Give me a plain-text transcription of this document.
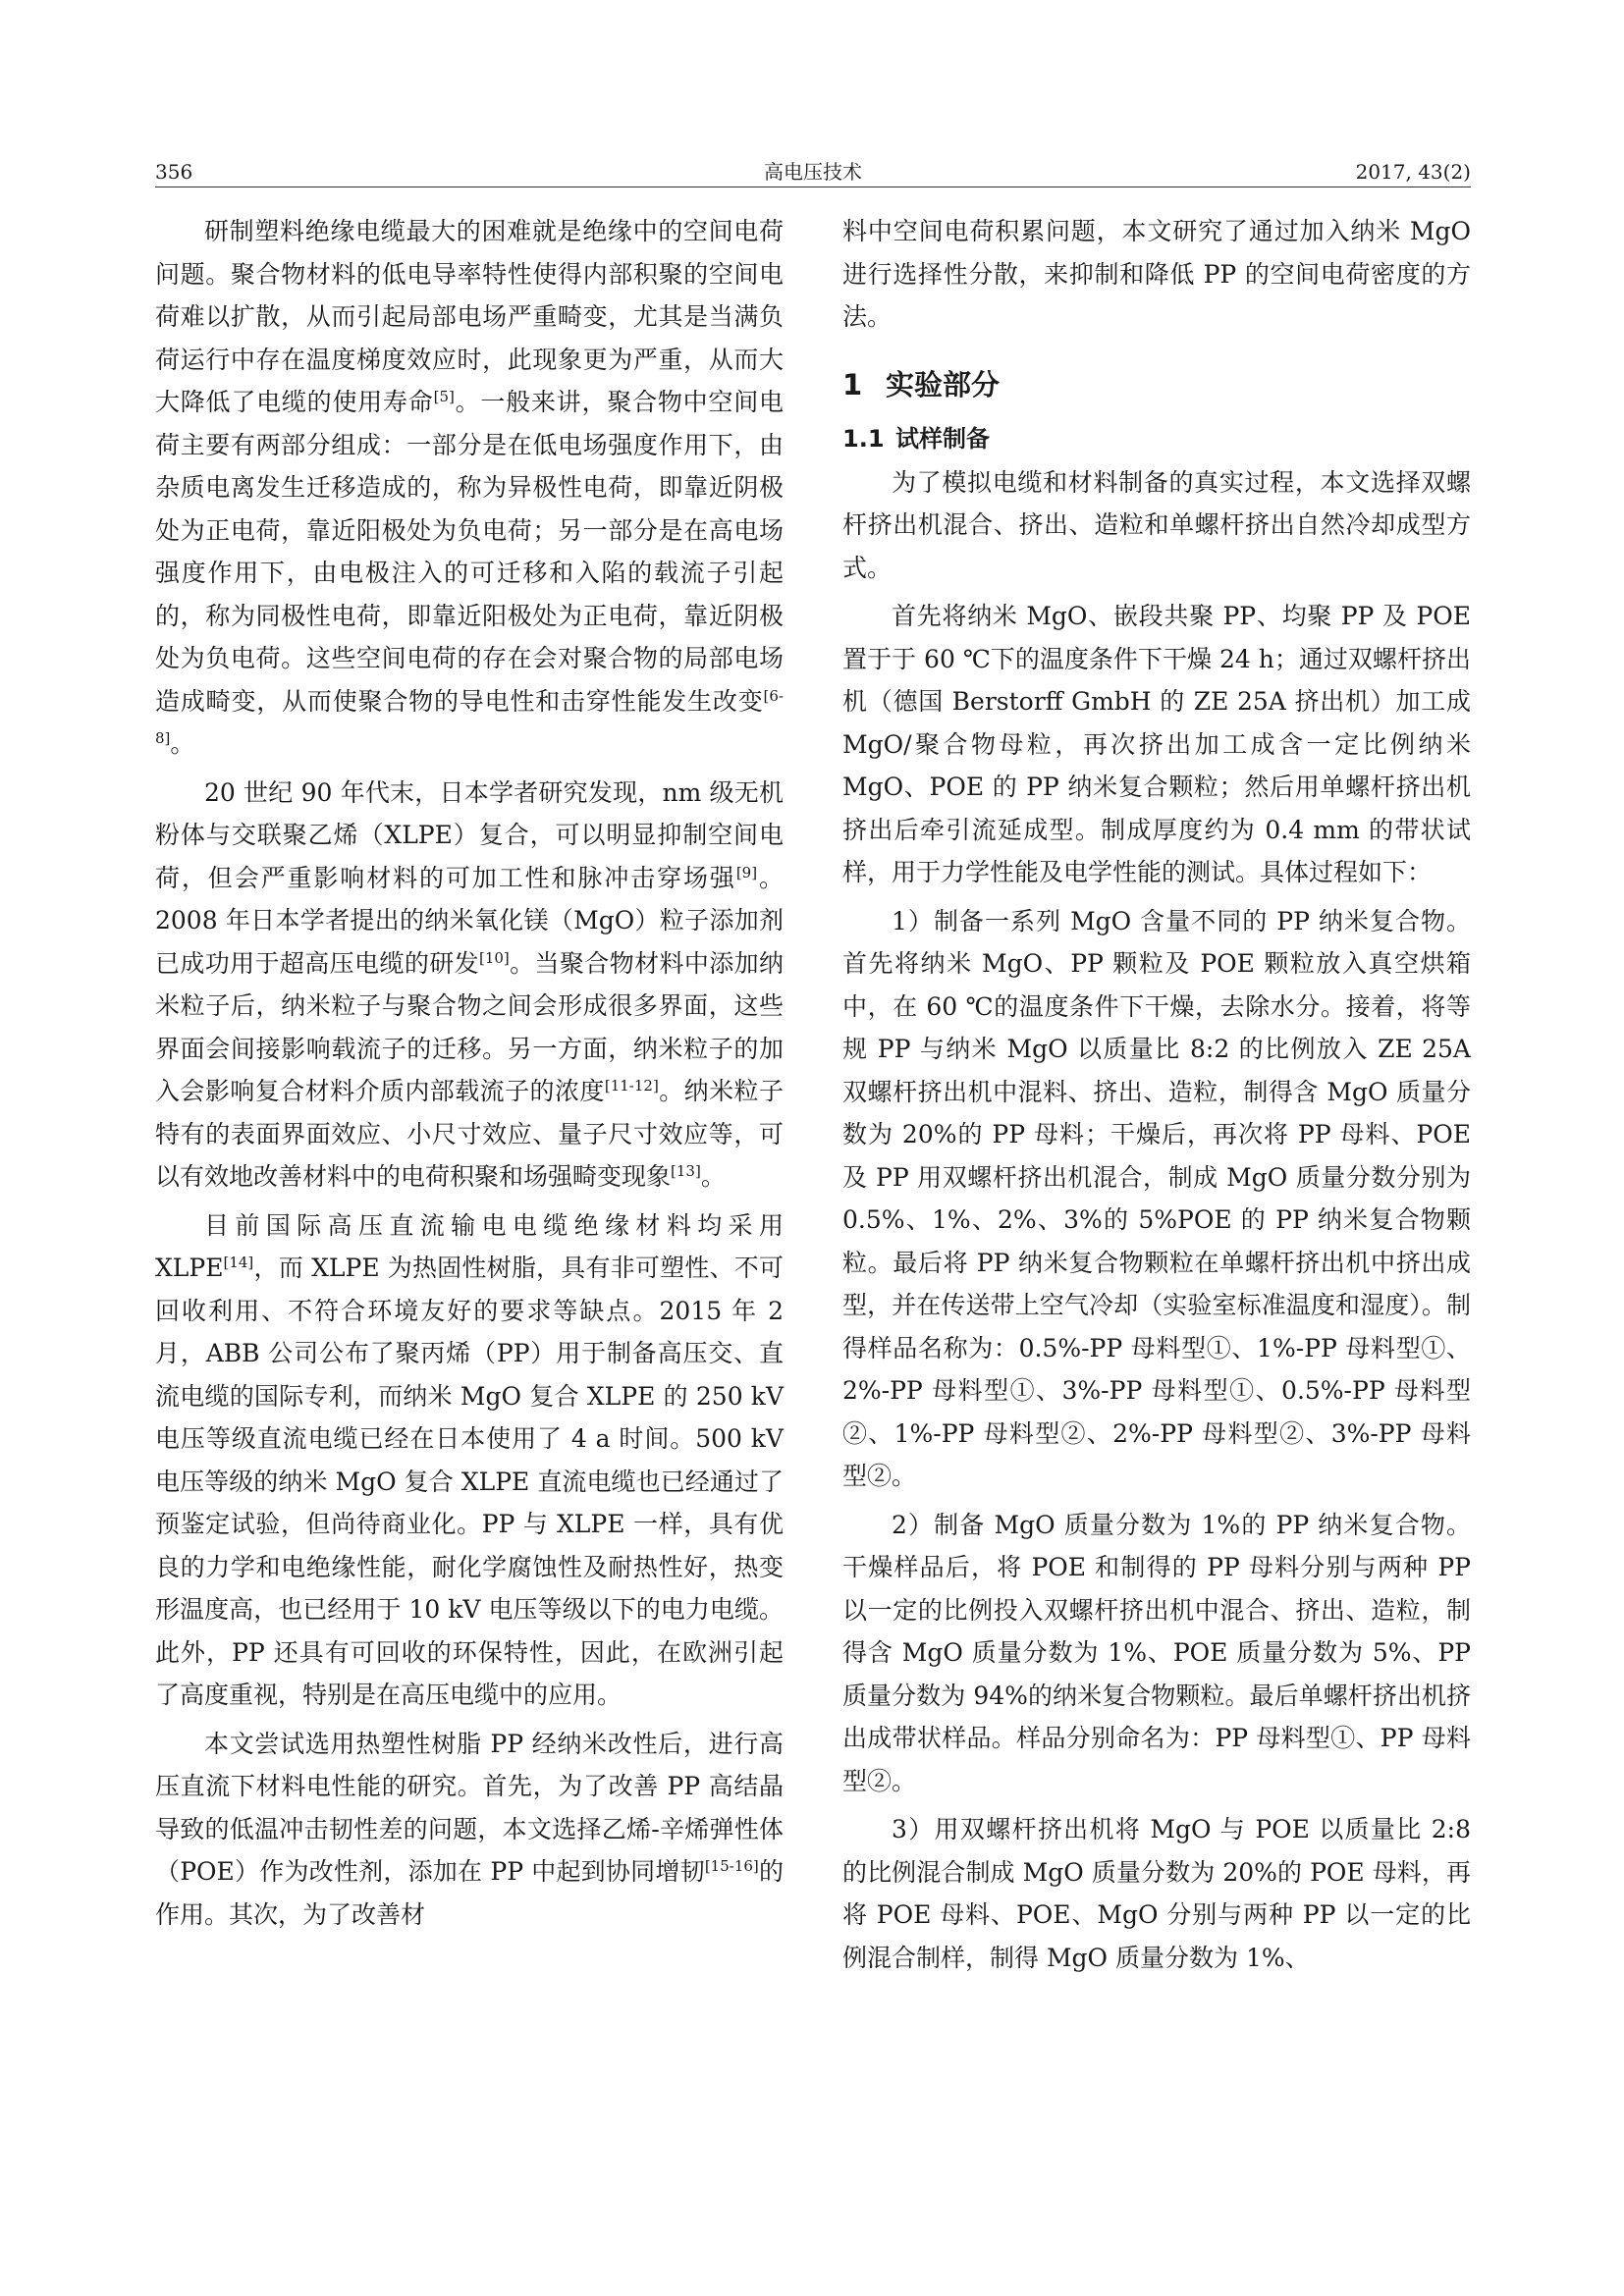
356	高电压技术	2017, 43(2)

研制塑料绝缘电缆最大的困难就是绝缘中的空间电荷问题。聚合物材料的低电导率特性使得内部积聚的空间电荷难以扩散，从而引起局部电场严重畸变，尤其是当满负荷运行中存在温度梯度效应时，此现象更为严重，从而大大降低了电缆的使用寿命[5]。一般来讲，聚合物中空间电荷主要有两部分组成：一部分是在低电场强度作用下，由杂质电离发生迁移造成的，称为异极性电荷，即靠近阴极处为正电荷，靠近阳极处为负电荷；另一部分是在高电场强度作用下，由电极注入的可迁移和入陷的载流子引起的，称为同极性电荷，即靠近阳极处为正电荷，靠近阴极处为负电荷。这些空间电荷的存在会对聚合物的局部电场造成畸变，从而使聚合物的导电性和击穿性能发生改变[6-8]。

20 世纪 90 年代末，日本学者研究发现，nm 级无机粉体与交联聚乙烯（XLPE）复合，可以明显抑制空间电荷，但会严重影响材料的可加工性和脉冲击穿场强[9]。2008 年日本学者提出的纳米氧化镁（MgO）粒子添加剂已成功用于超高压电缆的研发[10]。当聚合物材料中添加纳米粒子后，纳米粒子与聚合物之间会形成很多界面，这些界面会间接影响载流子的迁移。另一方面，纳米粒子的加入会影响复合材料介质内部载流子的浓度[11-12]。纳米粒子特有的表面界面效应、小尺寸效应、量子尺寸效应等，可以有效地改善材料中的电荷积聚和场强畸变现象[13]。

目前国际高压直流输电电缆绝缘材料均采用 XLPE[14]，而 XLPE 为热固性树脂，具有非可塑性、不可回收利用、不符合环境友好的要求等缺点。2015 年 2 月，ABB 公司公布了聚丙烯（PP）用于制备高压交、直流电缆的国际专利，而纳米 MgO 复合 XLPE 的 250 kV 电压等级直流电缆已经在日本使用了 4 a 时间。500 kV 电压等级的纳米 MgO 复合 XLPE 直流电缆也已经通过了预鉴定试验，但尚待商业化。PP 与 XLPE 一样，具有优良的力学和电绝缘性能，耐化学腐蚀性及耐热性好，热变形温度高，也已经用于 10 kV 电压等级以下的电力电缆。此外，PP 还具有可回收的环保特性，因此，在欧洲引起了高度重视，特别是在高压电缆中的应用。

本文尝试选用热塑性树脂 PP 经纳米改性后，进行高压直流下材料电性能的研究。首先，为了改善 PP 高结晶导致的低温冲击韧性差的问题，本文选择乙烯-辛烯弹性体（POE）作为改性剂，添加在 PP 中起到协同增韧[15-16]的作用。其次，为了改善材

料中空间电荷积累问题，本文研究了通过加入纳米 MgO 进行选择性分散，来抑制和降低 PP 的空间电荷密度的方法。

1 实验部分
1.1 试样制备

为了模拟电缆和材料制备的真实过程，本文选择双螺杆挤出机混合、挤出、造粒和单螺杆挤出自然冷却成型方式。

首先将纳米 MgO、嵌段共聚 PP、均聚 PP 及 POE 置于于 60 ℃下的温度条件下干燥 24 h；通过双螺杆挤出机（德国 Berstorff GmbH 的 ZE 25A 挤出机）加工成 MgO/聚合物母粒，再次挤出加工成含一定比例纳米 MgO、POE 的 PP 纳米复合颗粒；然后用单螺杆挤出机挤出后牵引流延成型。制成厚度约为 0.4 mm 的带状试样，用于力学性能及电学性能的测试。具体过程如下：

1）制备一系列 MgO 含量不同的 PP 纳米复合物。首先将纳米 MgO、PP 颗粒及 POE 颗粒放入真空烘箱中，在 60 ℃的温度条件下干燥，去除水分。接着，将等规 PP 与纳米 MgO 以质量比 8:2 的比例放入 ZE 25A 双螺杆挤出机中混料、挤出、造粒，制得含 MgO 质量分数为 20%的 PP 母料；干燥后，再次将 PP 母料、POE 及 PP 用双螺杆挤出机混合，制成 MgO 质量分数分别为 0.5%、1%、2%、3%的 5%POE 的 PP 纳米复合物颗粒。最后将 PP 纳米复合物颗粒在单螺杆挤出机中挤出成型，并在传送带上空气冷却（实验室标准温度和湿度）。制得样品名称为：0.5%-PP 母料型①、1%-PP 母料型①、2%-PP 母料型①、3%-PP 母料型①、0.5%-PP 母料型②、1%-PP 母料型②、2%-PP 母料型②、3%-PP 母料型②。

2）制备 MgO 质量分数为 1%的 PP 纳米复合物。干燥样品后，将 POE 和制得的 PP 母料分别与两种 PP 以一定的比例投入双螺杆挤出机中混合、挤出、造粒，制得含 MgO 质量分数为 1%、POE 质量分数为 5%、PP 质量分数为 94%的纳米复合物颗粒。最后单螺杆挤出机挤出成带状样品。样品分别命名为：PP 母料型①、PP 母料型②。

3）用双螺杆挤出机将 MgO 与 POE 以质量比 2:8 的比例混合制成 MgO 质量分数为 20%的 POE 母料，再将 POE 母料、POE、MgO 分别与两种 PP 以一定的比例混合制样，制得 MgO 质量分数为 1%、
